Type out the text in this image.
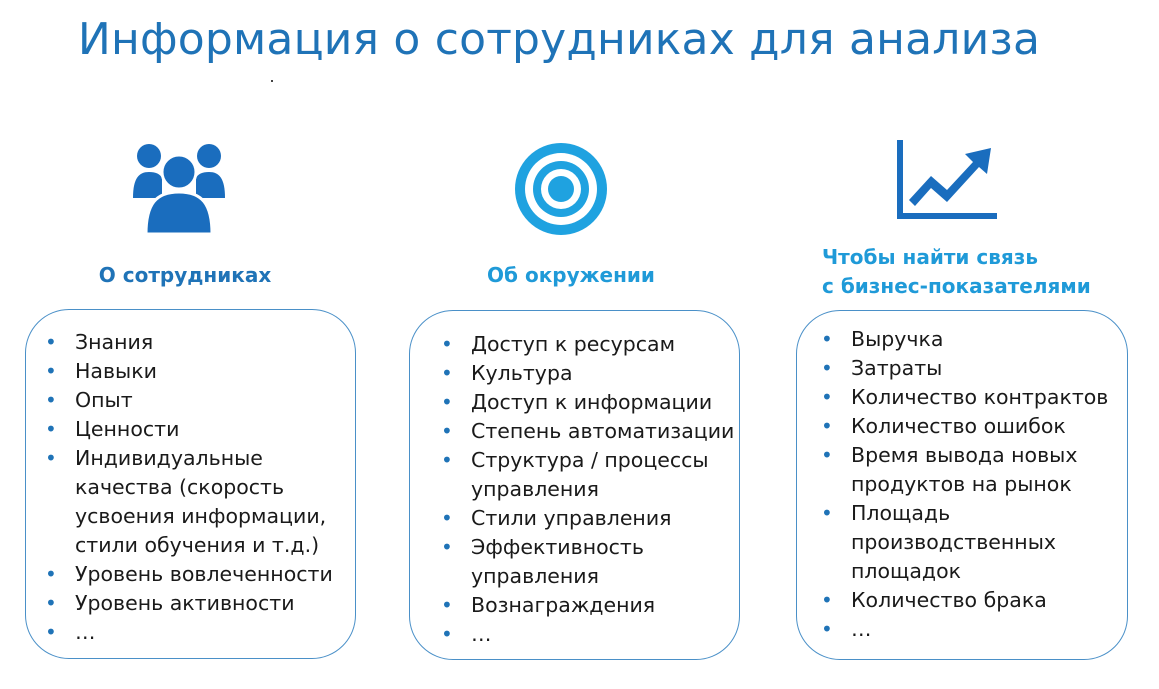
Информация о сотрудниках для анализа
О сотрудниках
• Знания
• Навыки
• Опыт
• Ценности
• Индивидуальные
качества (скорость
усвоения информации,
стили обучения и т.д.)
• Уровень вовлеченности
• Уровень активности
• …
Об окружении
• Доступ к ресурсам
• Культура
• Доступ к информации
• Степень автоматизации
• Структура / процессы
управления
• Стили управления
• Эффективность
управления
• Вознаграждения
• …
Чтобы найти связь
с бизнес-показателями
• Выручка
• Затраты
• Количество контрактов
• Количество ошибок
• Время вывода новых
продуктов на рынок
• Площадь
производственных
площадок
• Количество брака
• …
